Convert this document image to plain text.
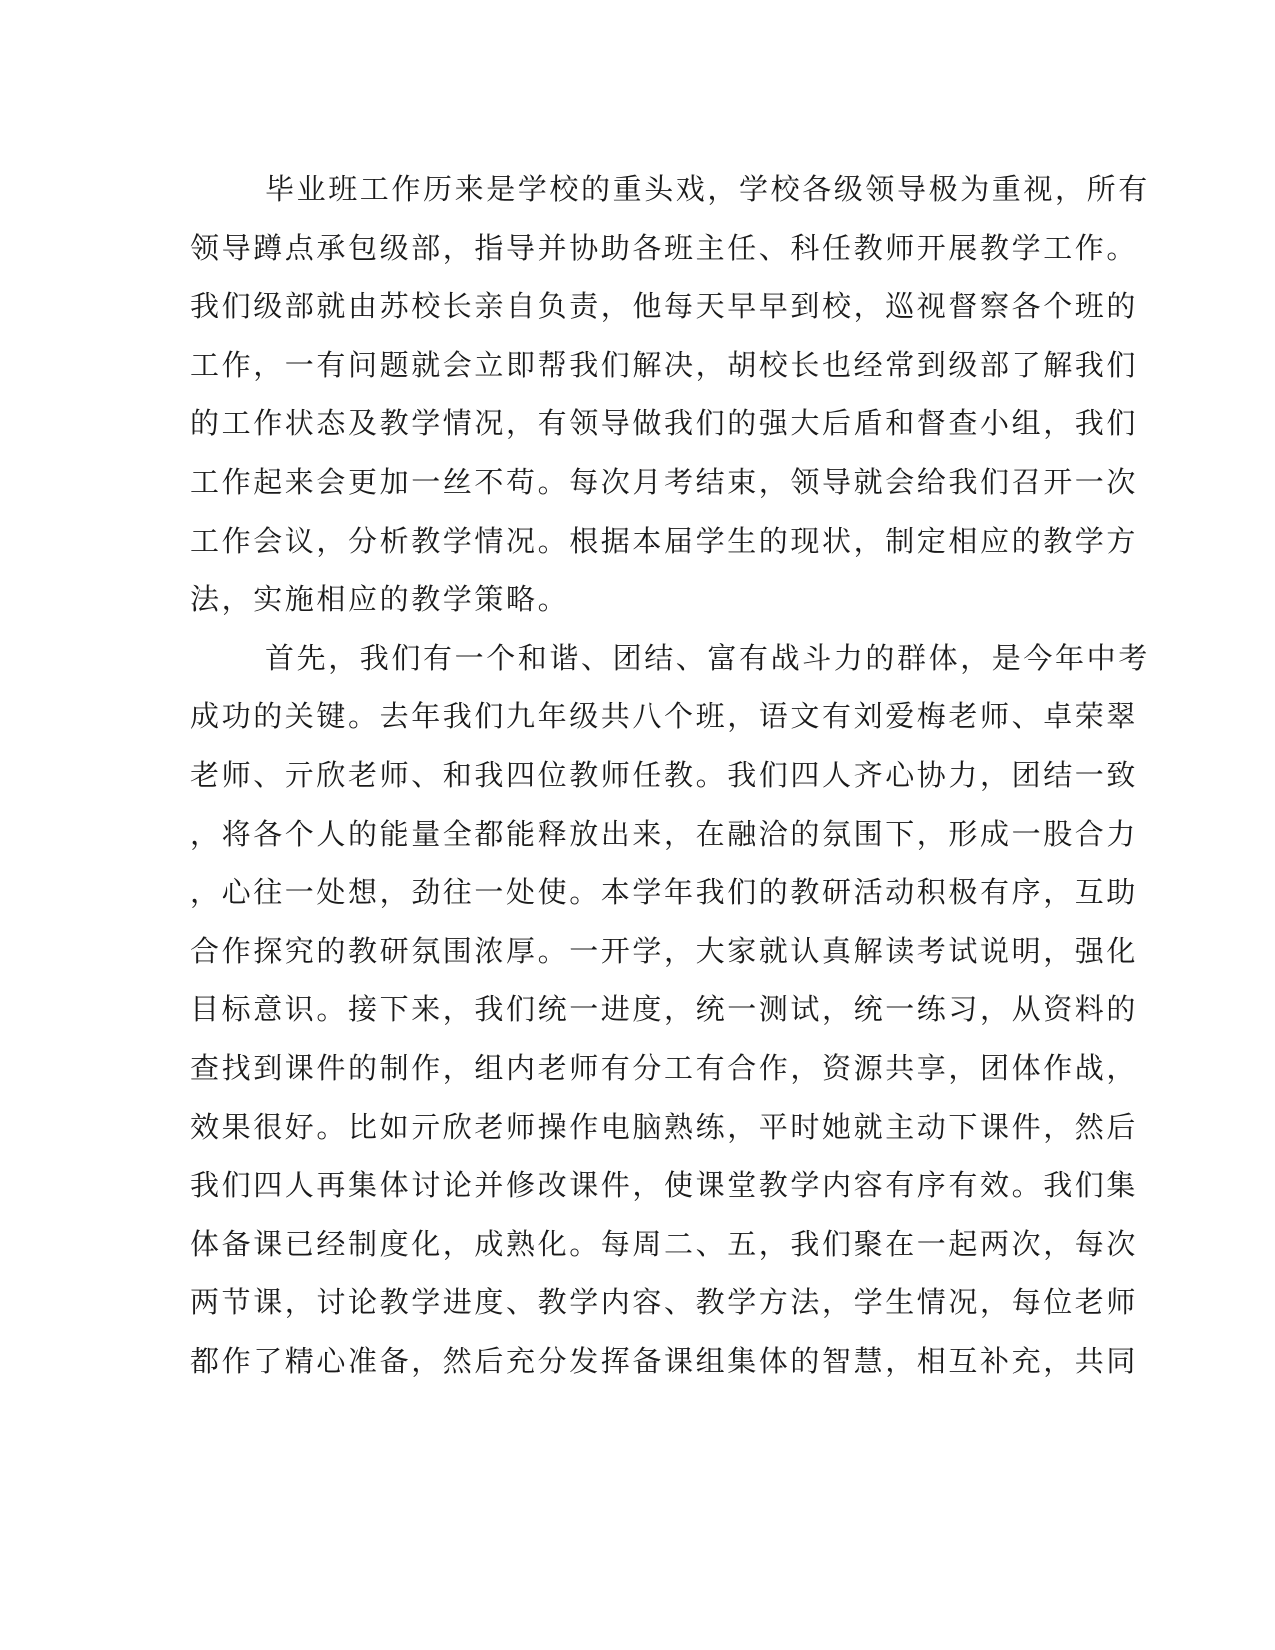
毕业班工作历来是学校的重头戏，学校各级领导极为重视，所有
领导蹲点承包级部，指导并协助各班主任、科任教师开展教学工作。
我们级部就由苏校长亲自负责，他每天早早到校，巡视督察各个班的
工作，一有问题就会立即帮我们解决，胡校长也经常到级部了解我们
的工作状态及教学情况，有领导做我们的强大后盾和督查小组，我们
工作起来会更加一丝不苟。每次月考结束，领导就会给我们召开一次
工作会议，分析教学情况。根据本届学生的现状，制定相应的教学方
法，实施相应的教学策略。
首先，我们有一个和谐、团结、富有战斗力的群体，是今年中考
成功的关键。去年我们九年级共八个班，语文有刘爱梅老师、卓荣翠
老师、亓欣老师、和我四位教师任教。我们四人齐心协力，团结一致
，将各个人的能量全都能释放出来，在融洽的氛围下，形成一股合力
，心往一处想，劲往一处使。本学年我们的教研活动积极有序，互助
合作探究的教研氛围浓厚。一开学，大家就认真解读考试说明，强化
目标意识。接下来，我们统一进度，统一测试，统一练习，从资料的
查找到课件的制作，组内老师有分工有合作，资源共享，团体作战，
效果很好。比如亓欣老师操作电脑熟练，平时她就主动下课件，然后
我们四人再集体讨论并修改课件，使课堂教学内容有序有效。我们集
体备课已经制度化，成熟化。每周二、五，我们聚在一起两次，每次
两节课，讨论教学进度、教学内容、教学方法，学生情况，每位老师
都作了精心准备，然后充分发挥备课组集体的智慧，相互补充，共同
